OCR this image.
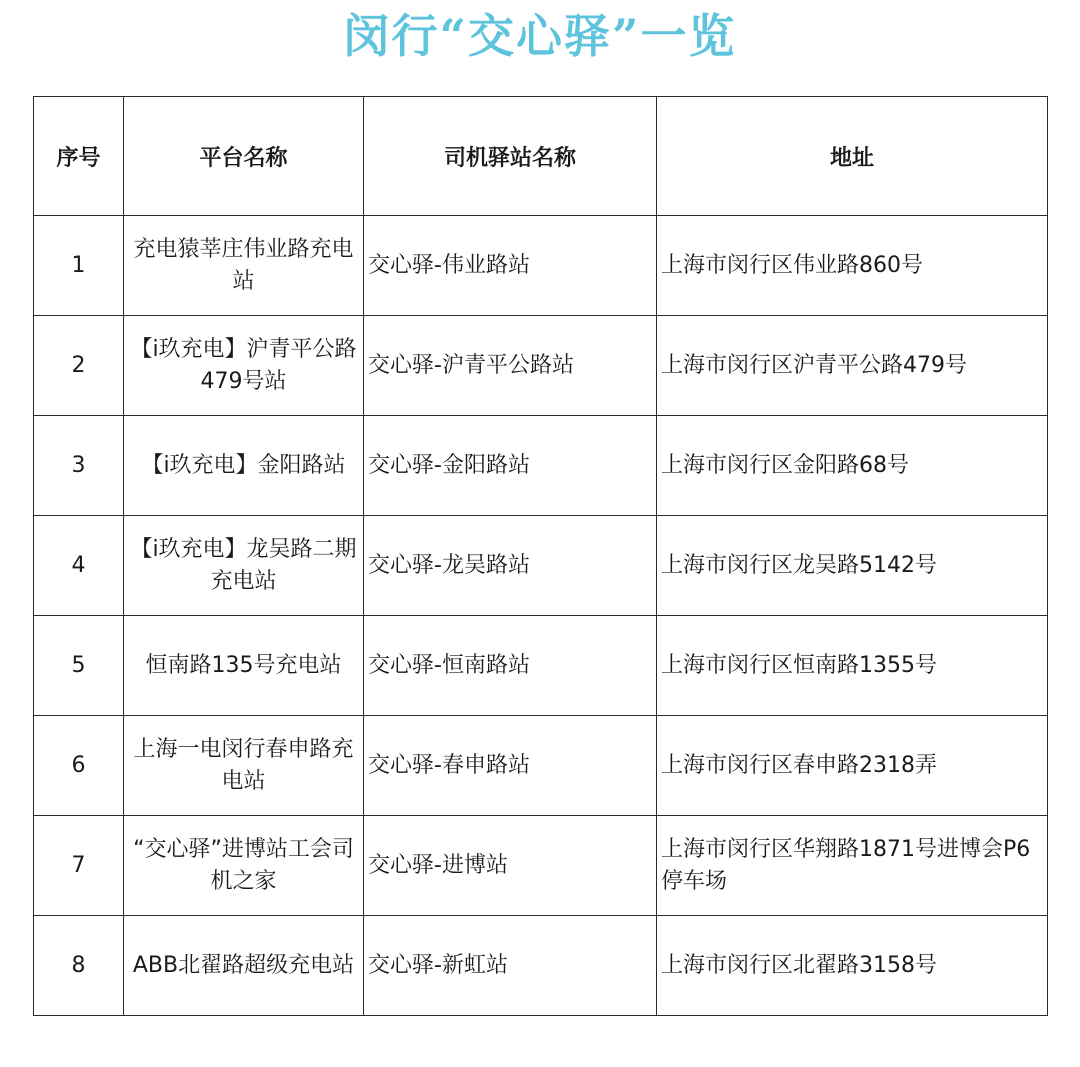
闵行“交心驿”一览
序号	平台名称	司机驿站名称	地址
1	充电猿莘庄伟业路充电站	交心驿-伟业路站	上海市闵行区伟业路860号
2	【i玖充电】沪青平公路479号站	交心驿-沪青平公路站	上海市闵行区沪青平公路479号
3	【i玖充电】金阳路站	交心驿-金阳路站	上海市闵行区金阳路68号
4	【i玖充电】龙吴路二期充电站	交心驿-龙吴路站	上海市闵行区龙吴路5142号
5	恒南路135号充电站	交心驿-恒南路站	上海市闵行区恒南路1355号
6	上海一电闵行春申路充电站	交心驿-春申路站	上海市闵行区春申路2318弄
7	“交心驿”进博站工会司机之家	交心驿-进博站	上海市闵行区华翔路1871号进博会P6停车场
8	ABB北翟路超级充电站	交心驿-新虹站	上海市闵行区北翟路3158号
